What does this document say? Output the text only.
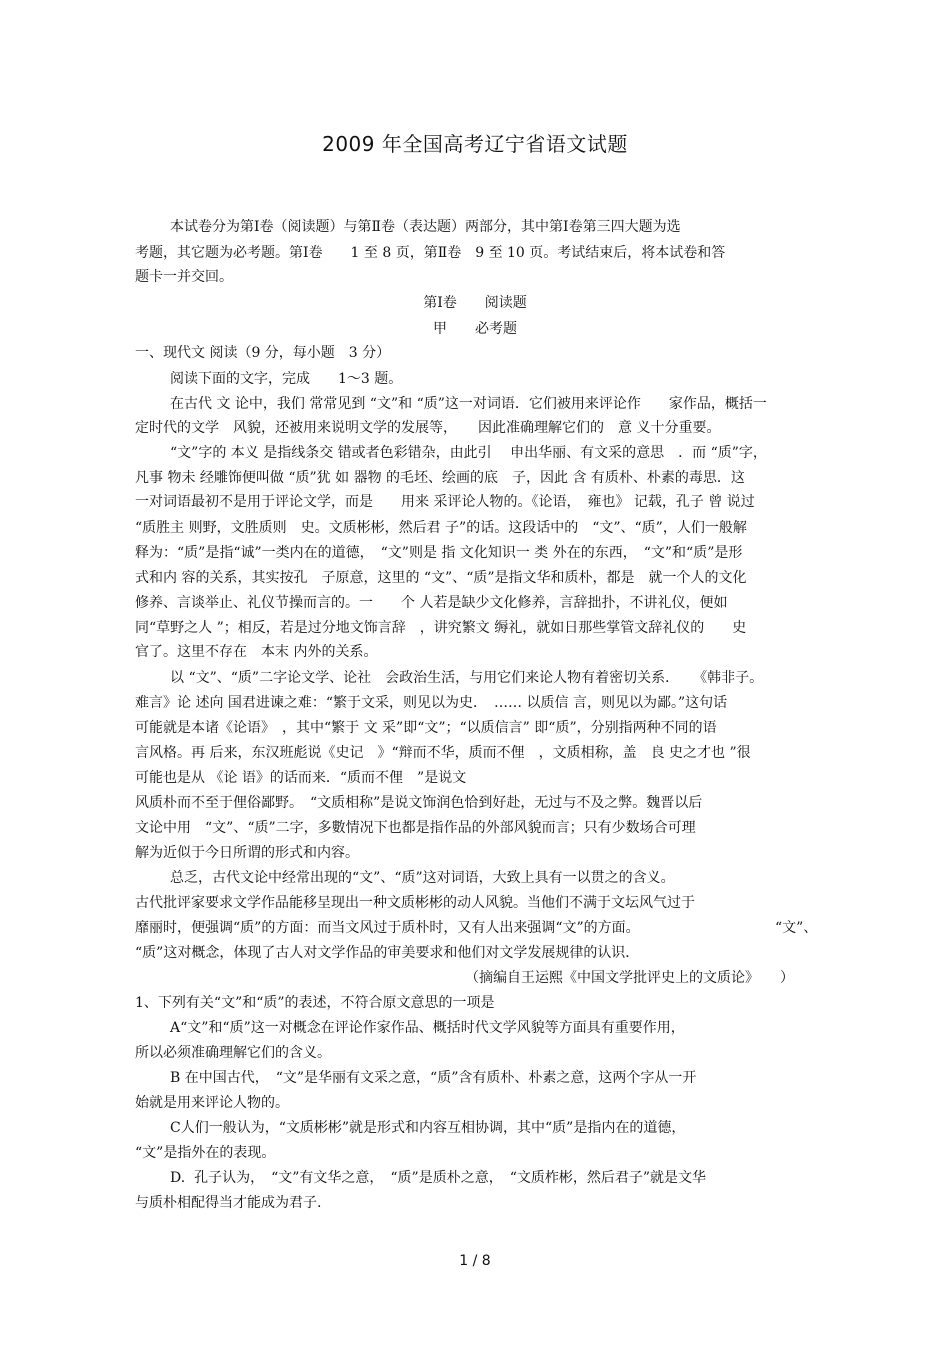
2009 年全国高考辽宁省语文试题
本试卷分为第Ⅰ卷（阅读题）与第Ⅱ卷（表达题）两部分，其中第Ⅰ卷第三四大题为选
考题，其它题为必考题。第Ⅰ卷　　1 至 8 页，第Ⅱ卷　9 至 10 页。考试结束后，将本试卷和答
题卡一并交回。
第Ⅰ卷　　阅读题
甲　　必考题
一、现代文 阅读（9 分，每小题　3 分）
阅读下面的文字，完成　　1～3 题。
在古代 文 论中，我们 常常见到 “文”和 “质”这一对词语．它们被用来评论作　　家作品，概括一
定时代的文学　风貌，还被用来说明文学的发展等，　　因此准确理解它们的　意 义十分重要。
“文”字的 本义 是指线条交 错或者色彩错杂，由此引　 申出华丽、有文采的意思　．而 “质”字，
凡事 物未 经雕饰便叫做 “质”犹 如 器物 的毛坯、绘画的底　子，因此 含 有质朴、朴素的毒思．这
一对词语最初不是用于评论文学，而是　　用来 采评论人物的。《论语，　雍也》 记载，孔子 曾 说过
“质胜主 则野，文胜质则　史。文质彬彬，然后君 子”的话。这段话中的　“文”、“质”，人们一般解
释为：“质”是指“诚”一类内在的道德，　“文”则是 指 文化知识一 类 外在的东西，　“文”和“质”是形
式和内 容的关系，其实按孔　子原意，这里的 “文”、“质”是指文华和质朴，都是　就一个人的文化
修养、言谈举止、礼仪节操而言的。一　　个 人若是缺少文化修养，言辞拙扑，不讲礼仪，便如
同“草野之人 ”；相反，若是过分地文饰言辞　，讲究繁文 缛礼，就如日那些掌管文辞礼仪的　　史
官了。这里不存在　本末 内外的关系。
以 “文”、“质”二字论文学、论社　会政治生活，与用它们来论人物有着密切关系．　　《韩非子。
难言》论 述向 国君进谏之难：“繁于文采，则见以为史．　…… 以质信 言，则见以为鄙。”这句话
可能就是本诸《论语》　，其中“繁于 文 采”即“文”；“以质信言” 即“质”，分别指两种不同的语
言风格。再 后来，东汉班彪说《史记　》“辩而不华，质而不俚　，文质相称，盖　良 史之才也 ”很
可能也是从 《论 语》的话而来．“质而不俚　”是说文
风质朴而不至于俚俗鄙野。　“文质相称”是说文饰润色恰到好赴，无过与不及之弊。魏晋以后
文论中用　“文”、“质”二字，多數情况下也都是指作品的外部风貌而言；只有少数场合可理
解为近似于今日所谓的形式和内容。
总乏，古代文论中经常出现的“文”、“质”这对词语，大致上具有一以贯之的含义。
古代批评家要求文学作品能移呈现出一种文质彬彬的动人风貌。当他们不满于文坛风气过于
靡丽时，便强调“质”的方面：而当文风过于质朴时，又有人出来强调“文”的方面。	“文”、
“质”这对概念，体现了古人对文学作品的审美要求和他们对文学发展规律的认识．
（摘编自王运熙《中国文学批评史上的文质论》　　）
1、下列有关“文”和“质”的表述，不符合原文意思的一项是
A“文”和“质”这一对概念在评论作家作品、概括时代文学风貌等方面具有重要作用，
所以必须准确理解它们的含义。
B 在中国古代，　“文”是华丽有文采之意，“质”含有质朴、朴素之意，这两个字从一开
始就是用来评论人物的。
C人们一般认为，“文质彬彬”就是形式和内容互相协调，其中“质”是指内在的道德，
“文”是指外在的表现。
D.  孔子认为，　“文”有文华之意，　“质”是质朴之意，　“文质柞彬，然后君子”就是文华
与质朴相配得当才能成为君子.
1 / 8
